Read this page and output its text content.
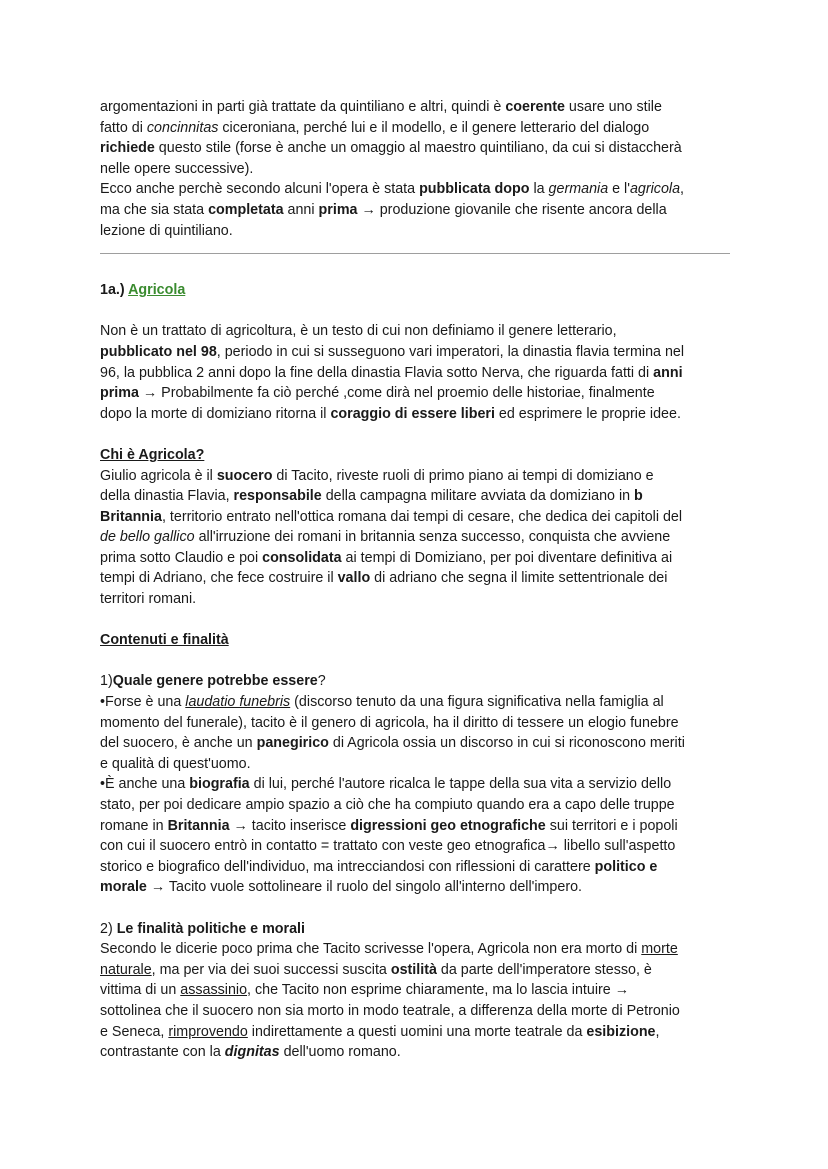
argomentazioni in parti già trattate da quintiliano e altri, quindi è coerente usare uno stile

fatto di concinnitas ciceroniana, perché lui e il modello, e il genere letterario del dialogo

richiede questo stile (forse è anche un omaggio al maestro quintiliano, da cui si distaccherà

nelle opere successive).

Ecco anche perchè secondo alcuni l'opera è stata pubblicata dopo la germania e l'agricola,

ma che sia stata completata anni prima → produzione giovanile che risente ancora della

lezione di quintiliano.

1a.) Agricola

Non è un trattato di agricoltura, è un testo di cui non definiamo il genere letterario,

pubblicato nel 98, periodo in cui si susseguono vari imperatori, la dinastia flavia termina nel

96, la pubblica 2 anni dopo la fine della dinastia Flavia sotto Nerva, che riguarda fatti di anni

prima → Probabilmente fa ciò perché ,come dirà nel proemio delle historiae, finalmente

dopo la morte di domiziano ritorna il coraggio di essere liberi ed esprimere le proprie idee.

Chi è Agricola?

Giulio agricola è il suocero di Tacito, riveste ruoli di primo piano ai tempi di domiziano e

della dinastia Flavia, responsabile della campagna militare avviata da domiziano in b

Britannia, territorio entrato nell'ottica romana dai tempi di cesare, che dedica dei capitoli del

de bello gallico all'irruzione dei romani in britannia senza successo, conquista che avviene

prima sotto Claudio e poi consolidata ai tempi di Domiziano, per poi diventare definitiva ai

tempi di Adriano, che fece costruire il vallo di adriano che segna il limite settentrionale dei

territori romani.

Contenuti e finalità

1)Quale genere potrebbe essere?

•Forse è una laudatio funebris (discorso tenuto da una figura significativa nella famiglia al

momento del funerale), tacito è il genero di agricola, ha il diritto di tessere un elogio funebre

del suocero, è anche un panegirico di Agricola ossia un discorso in cui si riconoscono meriti

e qualità di quest'uomo.

•È anche una biografia di lui, perché l'autore ricalca le tappe della sua vita a servizio dello

stato, per poi dedicare ampio spazio a ciò che ha compiuto quando era a capo delle truppe

romane in Britannia → tacito inserisce digressioni geo etnografiche sui territori e i popoli

con cui il suocero entrò in contatto = trattato con veste geo etnografica→ libello sull'aspetto

storico e biografico dell'individuo, ma intrecciandosi con riflessioni di carattere politico e

morale → Tacito vuole sottolineare il ruolo del singolo all'interno dell'impero.

2) Le finalità politiche e morali

Secondo le dicerie poco prima che Tacito scrivesse l'opera, Agricola non era morto di morte

naturale, ma per via dei suoi successi suscita ostilità da parte dell'imperatore stesso, è

vittima di un assassinio, che Tacito non esprime chiaramente, ma lo lascia intuire →

sottolinea che il suocero non sia morto in modo teatrale, a differenza della morte di Petronio

e Seneca, rimprovendo indirettamente a questi uomini una morte teatrale da esibizione,

contrastante con la dignitas dell'uomo romano.
